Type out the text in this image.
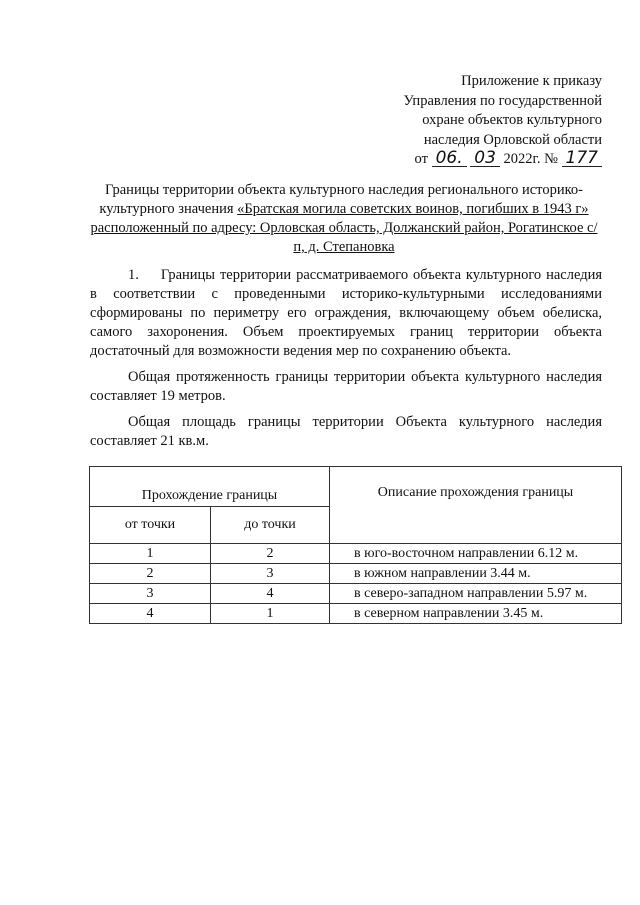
Приложение к приказу
Управления по государственной
охране объектов культурного
наследия Орловской области
от 06. 03 2022г. № 177
Границы территории объекта культурного наследия регионального историко-культурного значения «Братская могила советских воинов, погибших в 1943 г» расположенный по адресу: Орловская область, Должанский район, Рогатинское с/п, д. Степановка

1. Границы территории рассматриваемого объекта культурного наследия в соответствии с проведенными историко-культурными исследованиями сформированы по периметру его ограждения, включающему объем обелиска, самого захоронения. Объем проектируемых границ территории объекта достаточный для возможности ведения мер по сохранению объекта.

Общая протяженность границы территории объекта культурного наследия составляет 19 метров.

Общая площадь границы территории Объекта культурного наследия составляет 21 кв.м.

Прохождение границы		Описание прохождения границы
от точки	до точки	
1	2	в юго-восточном направлении 6.12 м.
2	3	в южном направлении 3.44 м.
3	4	в северо-западном направлении 5.97 м.
4	1	в северном направлении 3.45 м.
